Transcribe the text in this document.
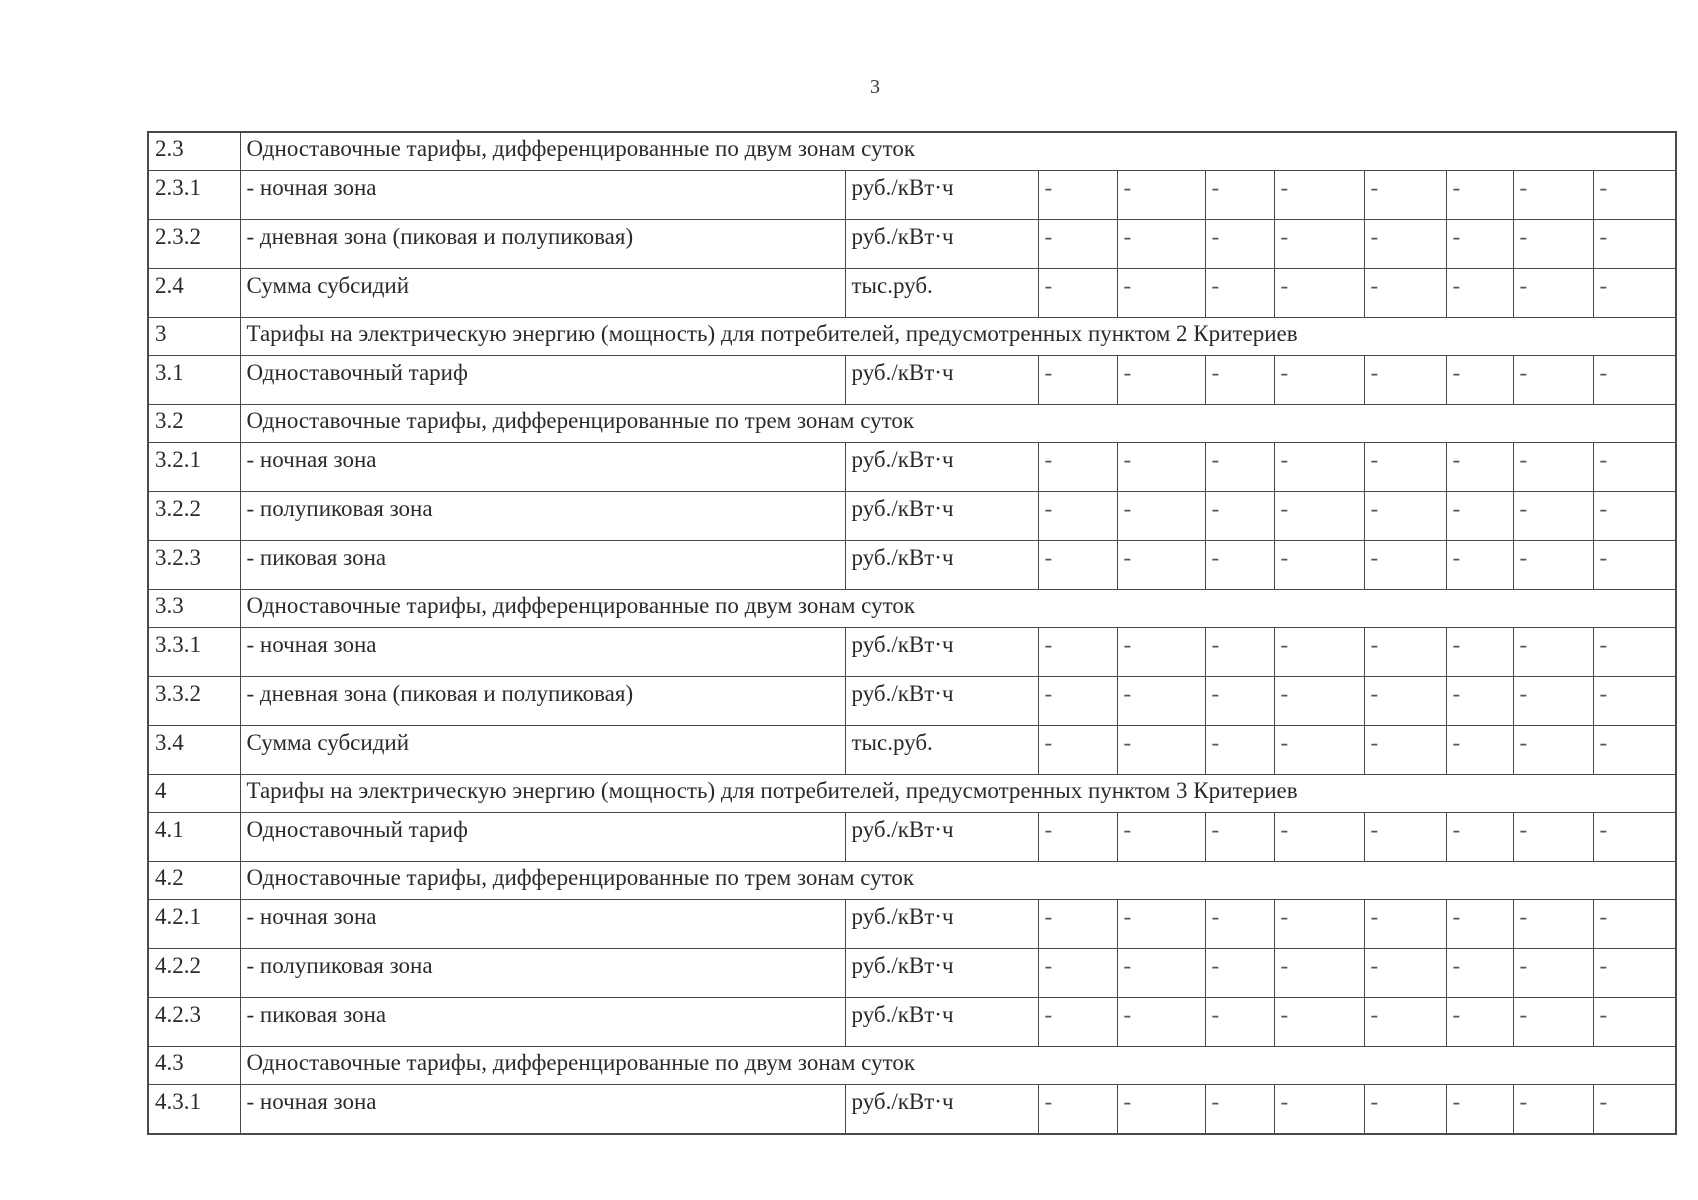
3
2.3	Одноставочные тарифы, дифференцированные по двум зонам суток									
2.3.1	- ночная зона	руб./кВт·ч	-	-	-	-	-	-	-	-
2.3.2	- дневная зона (пиковая и полупиковая)	руб./кВт·ч	-	-	-	-	-	-	-	-
2.4	Сумма субсидий	тыс.руб.	-	-	-	-	-	-	-	-
3	Тарифы на электрическую энергию (мощность) для потребителей, предусмотренных пунктом 2 Критериев									
3.1	Одноставочный тариф	руб./кВт·ч	-	-	-	-	-	-	-	-
3.2	Одноставочные тарифы, дифференцированные по трем зонам суток									
3.2.1	- ночная зона	руб./кВт·ч	-	-	-	-	-	-	-	-
3.2.2	- полупиковая зона	руб./кВт·ч	-	-	-	-	-	-	-	-
3.2.3	- пиковая зона	руб./кВт·ч	-	-	-	-	-	-	-	-
3.3	Одноставочные тарифы, дифференцированные по двум зонам суток									
3.3.1	- ночная зона	руб./кВт·ч	-	-	-	-	-	-	-	-
3.3.2	- дневная зона (пиковая и полупиковая)	руб./кВт·ч	-	-	-	-	-	-	-	-
3.4	Сумма субсидий	тыс.руб.	-	-	-	-	-	-	-	-
4	Тарифы на электрическую энергию (мощность) для потребителей, предусмотренных пунктом 3 Критериев									
4.1	Одноставочный тариф	руб./кВт·ч	-	-	-	-	-	-	-	-
4.2	Одноставочные тарифы, дифференцированные по трем зонам суток									
4.2.1	- ночная зона	руб./кВт·ч	-	-	-	-	-	-	-	-
4.2.2	- полупиковая зона	руб./кВт·ч	-	-	-	-	-	-	-	-
4.2.3	- пиковая зона	руб./кВт·ч	-	-	-	-	-	-	-	-
4.3	Одноставочные тарифы, дифференцированные по двум зонам суток									
4.3.1	- ночная зона	руб./кВт·ч	-	-	-	-	-	-	-	-
